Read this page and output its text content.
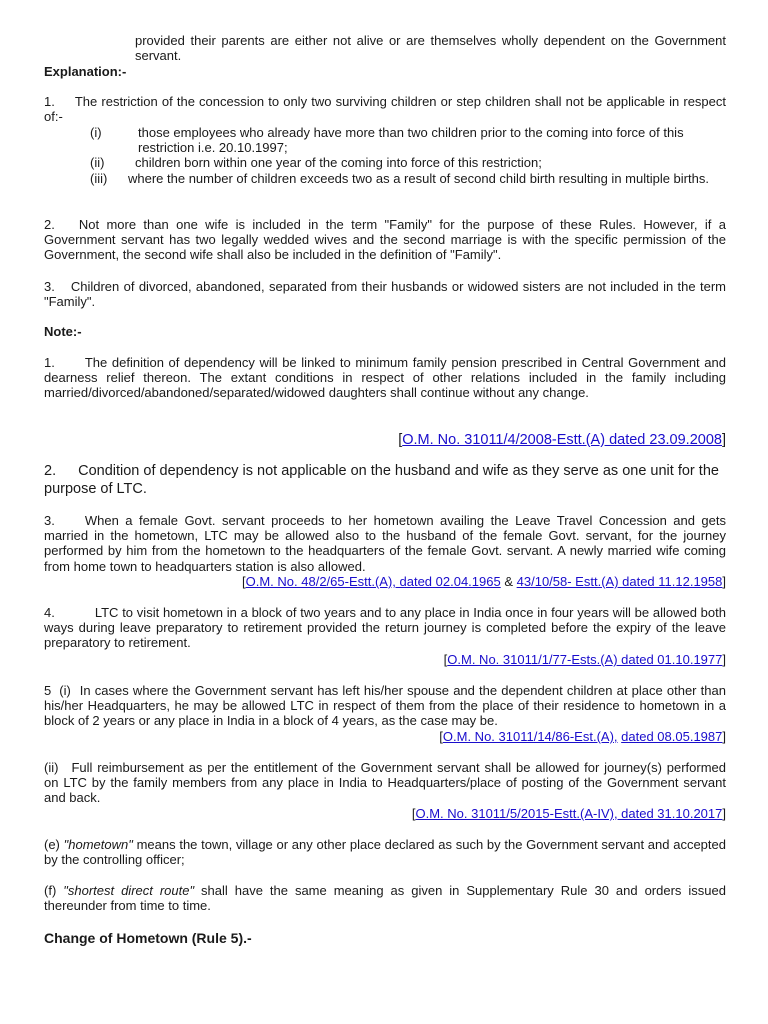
provided their parents are either not alive or are themselves wholly dependent on the Government servant.

Explanation:-

1. The restriction of the concession to only two surviving children or step children shall not be applicable in respect of:-

(i)	those employees who already have more than two children prior to the coming into force of this restriction i.e. 20.10.1997;
(ii) children born within one year of the coming into force of this restriction;
(iii) where the number of children exceeds two as a result of second child birth resulting in multiple births.

2. Not more than one wife is included in the term "Family" for the purpose of these Rules. However, if a Government servant has two legally wedded wives and the second marriage is with the specific permission of the Government, the second wife shall also be included in the definition of "Family".

3. Children of divorced, abandoned, separated from their husbands or widowed sisters are not included in the term "Family".

Note:-

1. The definition of dependency will be linked to minimum family pension prescribed in Central Government and dearness relief thereon. The extant conditions in respect of other relations included in the family including married/divorced/abandoned/separated/widowed daughters shall continue without any change.

[O.M. No. 31011/4/2008-Estt.(A) dated 23.09.2008]

2. Condition of dependency is not applicable on the husband and wife as they serve as one unit for the purpose of LTC.

3. When a female Govt. servant proceeds to her hometown availing the Leave Travel Concession and gets married in the hometown, LTC may be allowed also to the husband of the female Govt. servant, for the journey performed by him from the hometown to the headquarters of the female Govt. servant. A newly married wife coming from home town to headquarters station is also allowed.

[O.M. No. 48/2/65-Estt.(A), dated 02.04.1965 & 43/10/58- Estt.(A) dated 11.12.1958]

4.	LTC to visit hometown in a block of two years and to any place in India once in four years will be allowed both ways during leave preparatory to retirement provided the return journey is completed before the expiry of the leave preparatory to retirement.

[O.M. No. 31011/1/77-Ests.(A) dated 01.10.1977]

5 (i) In cases where the Government servant has left his/her spouse and the dependent children at place other than his/her Headquarters, he may be allowed LTC in respect of them from the place of their residence to hometown in a block of 2 years or any place in India in a block of 4 years, as the case may be.

[O.M. No. 31011/14/86-Est.(A), dated 08.05.1987]

(ii) Full reimbursement as per the entitlement of the Government servant shall be allowed for journey(s) performed on LTC by the family members from any place in India to Headquarters/place of posting of the Government servant and back.

[O.M. No. 31011/5/2015-Estt.(A-IV), dated 31.10.2017]

(e) "hometown" means the town, village or any other place declared as such by the Government servant and accepted by the controlling officer;

(f) "shortest direct route" shall have the same meaning as given in Supplementary Rule 30 and orders issued thereunder from time to time.

Change of Hometown (Rule 5).-
